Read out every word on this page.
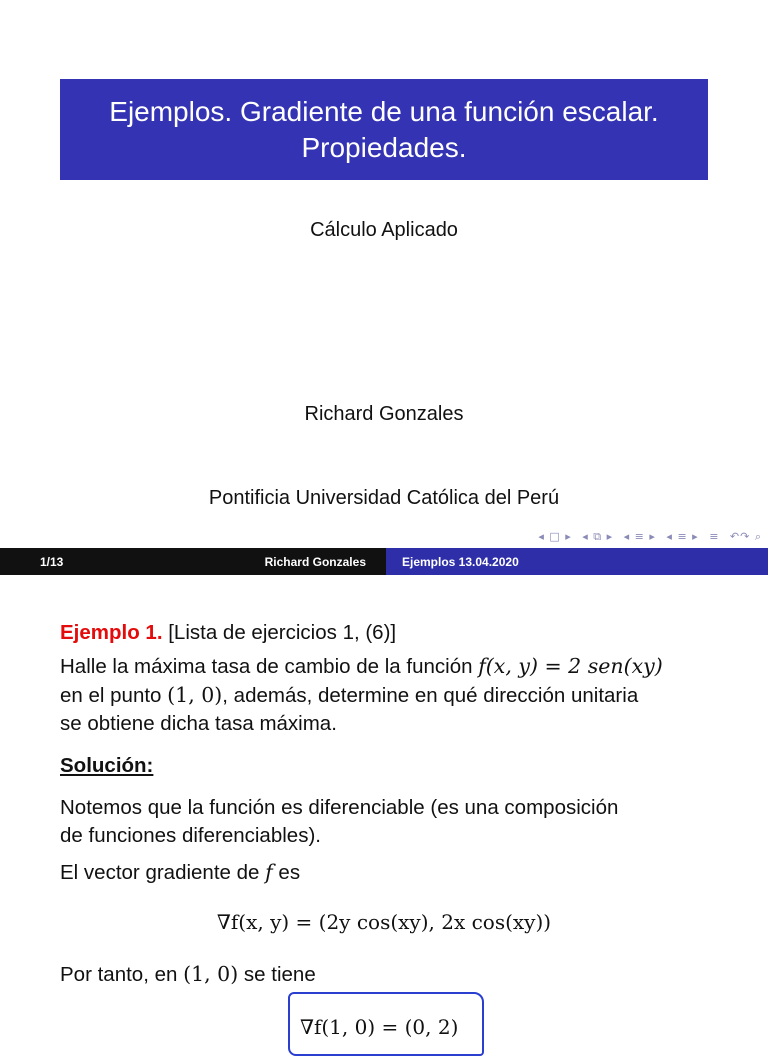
Ejemplos. Gradiente de una función escalar.
Propiedades.
Cálculo Aplicado
Richard Gonzales
Pontificia Universidad Católica del Perú
◂ □ ▸ ◂ ⧉ ▸ ◂ ≡ ▸ ◂ ≡ ▸ ≡ ↶↷ ⌕
1/13	Richard Gonzales	Ejemplos 13.04.2020
Ejemplo 1. [Lista de ejercicios 1, (6)]
Halle la máxima tasa de cambio de la función f(x, y) = 2 sen(xy)
en el punto (1, 0), además, determine en qué dirección unitaria
se obtiene dicha tasa máxima.
Solución:
Notemos que la función es diferenciable (es una composición
de funciones diferenciables).
El vector gradiente de f es
∇f(x, y) = (2y cos(xy), 2x cos(xy))
Por tanto, en (1, 0) se tiene
∇f(1, 0) = (0, 2)
